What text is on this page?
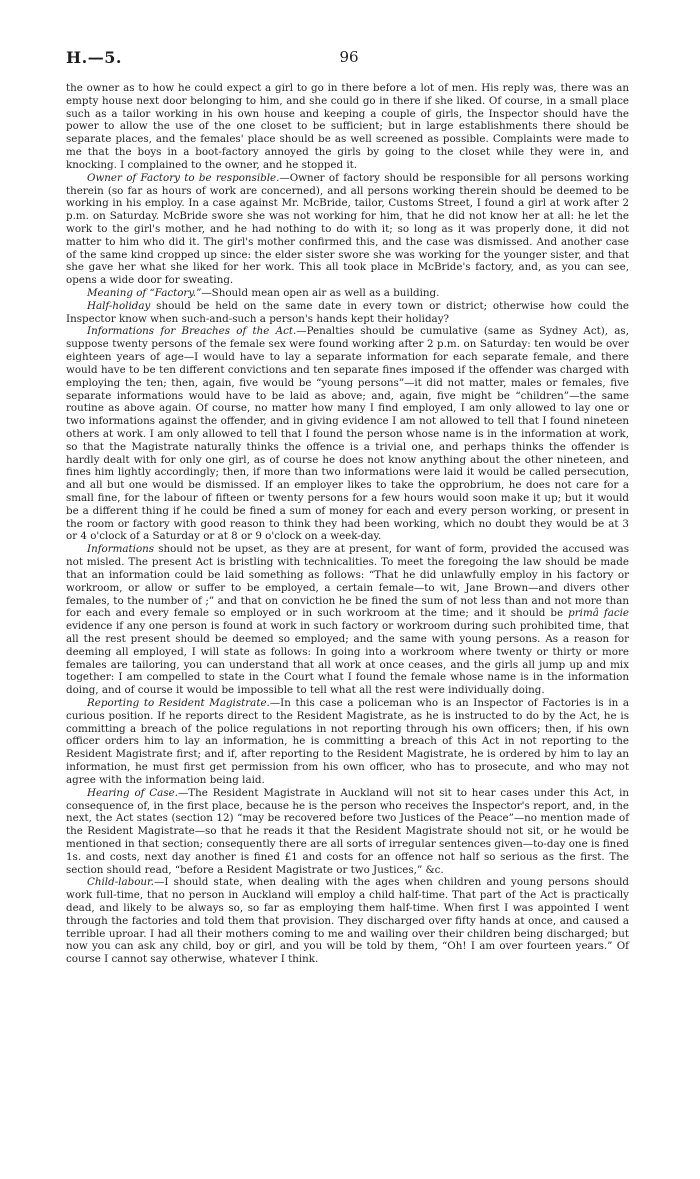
H.—5.	96

the owner as to how he could expect a girl to go in there before a lot of men. His reply was, there was an empty house next door belonging to him, and she could go in there if she liked. Of course, in a small place such as a tailor working in his own house and keeping a couple of girls, the Inspector should have the power to allow the use of the one closet to be sufficient; but in large establishments there should be separate places, and the females' place should be as well screened as possible. Complaints were made to me that the boys in a boot-factory annoyed the girls by going to the closet while they were in, and knocking. I complained to the owner, and he stopped it.

Owner of Factory to be responsible.—Owner of factory should be responsible for all persons working therein (so far as hours of work are concerned), and all persons working therein should be deemed to be working in his employ. In a case against Mr. McBride, tailor, Customs Street, I found a girl at work after 2 p.m. on Saturday. McBride swore she was not working for him, that he did not know her at all: he let the work to the girl's mother, and he had nothing to do with it; so long as it was properly done, it did not matter to him who did it. The girl's mother confirmed this, and the case was dismissed. And another case of the same kind cropped up since: the elder sister swore she was working for the younger sister, and that she gave her what she liked for her work. This all took place in McBride's factory, and, as you can see, opens a wide door for sweating.

Meaning of “Factory.”—Should mean open air as well as a building.

Half-holiday should be held on the same date in every town or district; otherwise how could the Inspector know when such-and-such a person's hands kept their holiday?

Informations for Breaches of the Act.—Penalties should be cumulative (same as Sydney Act), as, suppose twenty persons of the female sex were found working after 2 p.m. on Saturday: ten would be over eighteen years of age—I would have to lay a separate information for each separate female, and there would have to be ten different convictions and ten separate fines imposed if the offender was charged with employing the ten; then, again, five would be “young persons”—it did not matter, males or females, five separate informations would have to be laid as above; and, again, five might be “children”—the same routine as above again. Of course, no matter how many I find employed, I am only allowed to lay one or two informations against the offender, and in giving evidence I am not allowed to tell that I found nineteen others at work. I am only allowed to tell that I found the person whose name is in the information at work, so that the Magistrate naturally thinks the offence is a trivial one, and perhaps thinks the offender is hardly dealt with for only one girl, as of course he does not know anything about the other nineteen, and fines him lightly accordingly; then, if more than two informations were laid it would be called persecution, and all but one would be dismissed. If an employer likes to take the opprobrium, he does not care for a small fine, for the labour of fifteen or twenty persons for a few hours would soon make it up; but it would be a different thing if he could be fined a sum of money for each and every person working, or present in the room or factory with good reason to think they had been working, which no doubt they would be at 3 or 4 o'clock of a Saturday or at 8 or 9 o'clock on a week-day.

Informations should not be upset, as they are at present, for want of form, provided the accused was not misled. The present Act is bristling with technicalities. To meet the foregoing the law should be made that an information could be laid something as follows: “That he did unlawfully employ in his factory or workroom, or allow or suffer to be employed, a certain female—to wit, Jane Brown—and divers other females, to the number of ;” and that on conviction he be fined the sum of not less than and not more than for each and every female so employed or in such workroom at the time; and it should be primâ facie evidence if any one person is found at work in such factory or workroom during such prohibited time, that all the rest present should be deemed so employed; and the same with young persons. As a reason for deeming all employed, I will state as follows: In going into a workroom where twenty or thirty or more females are tailoring, you can understand that all work at once ceases, and the girls all jump up and mix together: I am compelled to state in the Court what I found the female whose name is in the information doing, and of course it would be impossible to tell what all the rest were individually doing.

Reporting to Resident Magistrate.—In this case a policeman who is an Inspector of Factories is in a curious position. If he reports direct to the Resident Magistrate, as he is instructed to do by the Act, he is committing a breach of the police regulations in not reporting through his own officers; then, if his own officer orders him to lay an information, he is committing a breach of this Act in not reporting to the Resident Magistrate first; and if, after reporting to the Resident Magistrate, he is ordered by him to lay an information, he must first get permission from his own officer, who has to prosecute, and who may not agree with the information being laid.

Hearing of Case.—The Resident Magistrate in Auckland will not sit to hear cases under this Act, in consequence of, in the first place, because he is the person who receives the Inspector's report, and, in the next, the Act states (section 12) “may be recovered before two Justices of the Peace”—no mention made of the Resident Magistrate—so that he reads it that the Resident Magistrate should not sit, or he would be mentioned in that section; consequently there are all sorts of irregular sentences given—to-day one is fined 1s. and costs, next day another is fined £1 and costs for an offence not half so serious as the first. The section should read, “before a Resident Magistrate or two Justices,” &c.

Child-labour.—I should state, when dealing with the ages when children and young persons should work full-time, that no person in Auckland will employ a child half-time. That part of the Act is practically dead, and likely to be always so, so far as employing them half-time. When first I was appointed I went through the factories and told them that provision. They discharged over fifty hands at once, and caused a terrible uproar. I had all their mothers coming to me and wailing over their children being discharged; but now you can ask any child, boy or girl, and you will be told by them, “Oh! I am over fourteen years.” Of course I cannot say otherwise, whatever I think.
